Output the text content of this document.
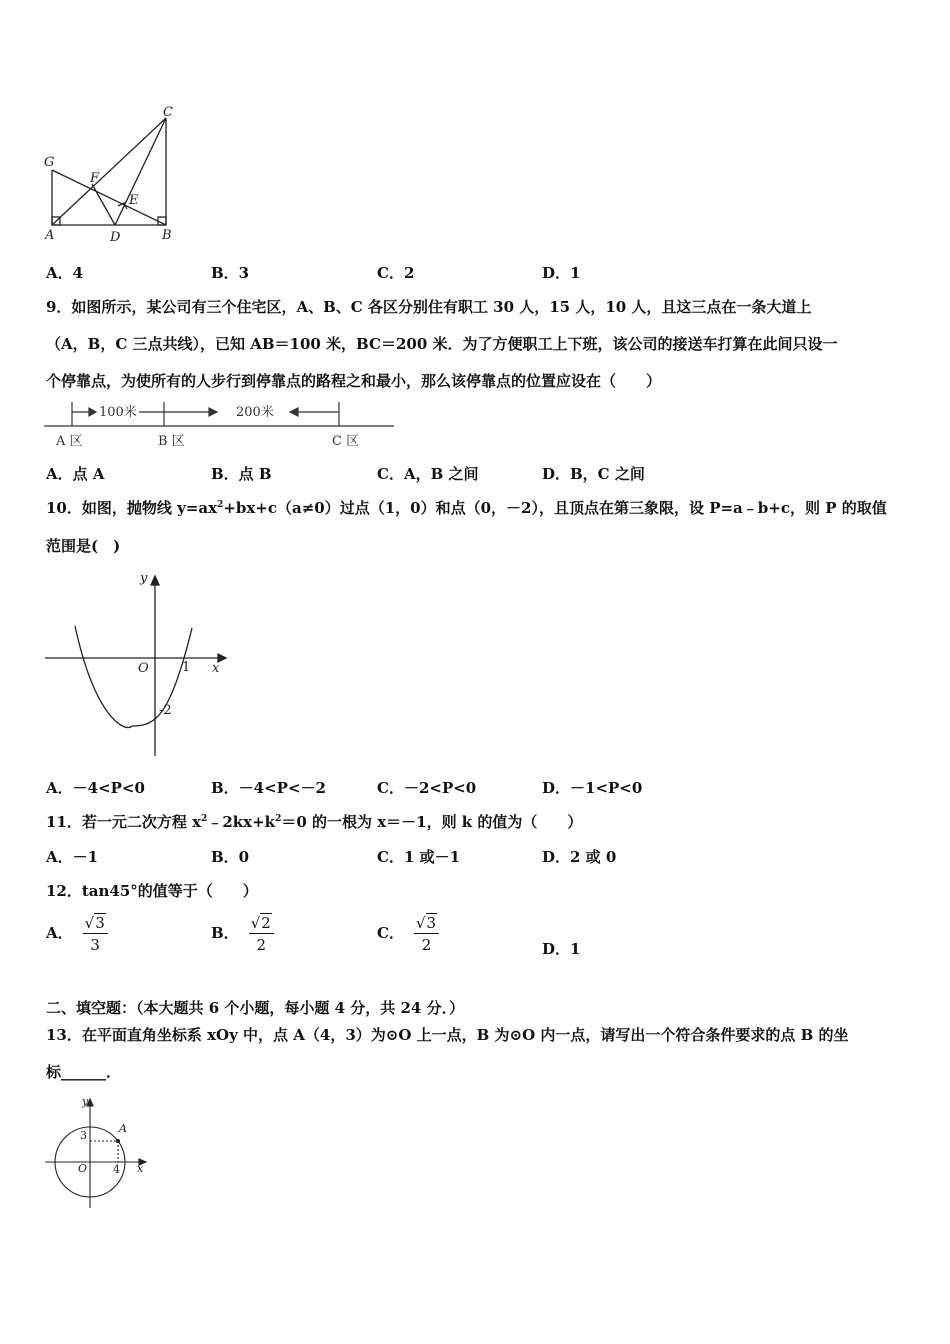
C
G
F
E
A	D	B
A．4	B．3	C．2	D．1
9．如图所示，某公司有三个住宅区，A、B、C 各区分别住有职工 30 人，15 人，10 人，且这三点在一条大道上
（A，B，C 三点共线），已知 AB＝100 米，BC＝200 米．为了方便职工上下班，该公司的接送车打算在此间只设一
个停靠点，为使所有的人步行到停靠点的路程之和最小，那么该停靠点的位置应设在（　　）
100米	200米
A 区	B 区	C 区
A．点 A	B．点 B	C．A，B 之间	D．B，C 之间
10．如图，抛物线 $y=ax^2+bx+c(a\ne 0)$过点（1，0）和点（0，－2），且顶点在第三象限，设 P=a﹣b+c，则 P 的取值
范围是(　)
y
x
O	1
-2
A．－4<P<0	B．－4<P<－2	C．－2<P<0	D．－1<P<0
11．若一元二次方程 $x^2﹣2kx+k^2=0$ 的一根为 x＝－1，则 k 的值为（　　）
A．－1	B．0	C．1 或－1	D．2 或 0
12．tan45°的值等于（　　）
A． $\frac{√3}{3}$	B． $\frac{√2}{2}$	C． $\frac{√3}{2}$	D．1
二、填空题：（本大题共 6 个小题，每小题 4 分，共 24 分．）
13．在平面直角坐标系 xOy 中，点 A（4，3）为⊙O 上一点，B 为⊙O 内一点，请写出一个符合条件要求的点 B 的坐
标______．
y
x
O
3
4
A
